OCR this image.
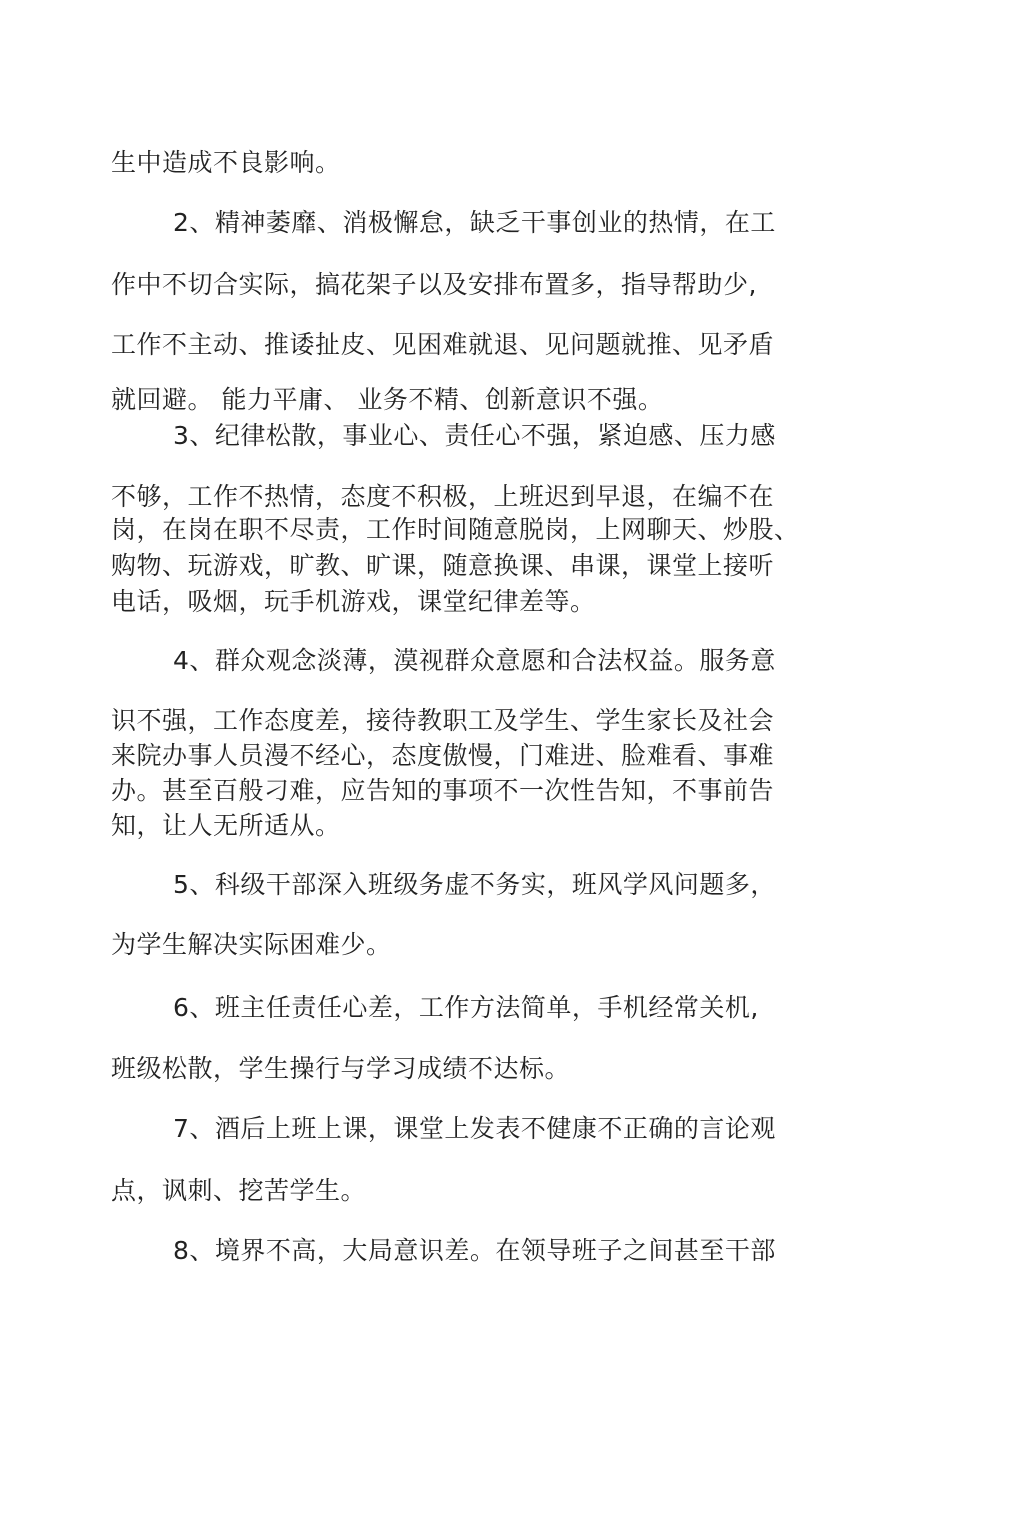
生中造成不良影响。
2、精神萎靡、消极懈怠，缺乏干事创业的热情，在工
作中不切合实际，搞花架子以及安排布置多，指导帮助少,
工作不主动、推诿扯皮、见困难就退、见问题就推、见矛盾
就回避。 能力平庸、 业务不精、创新意识不强。
3、纪律松散，事业心、责任心不强，紧迫感、压力感
不够，工作不热情，态度不积极，上班迟到早退，在编不在
岗，在岗在职不尽责，工作时间随意脱岗，上网聊天、炒股、
购物、玩游戏，旷教、旷课，随意换课、串课，课堂上接听
电话，吸烟，玩手机游戏，课堂纪律差等。
4、群众观念淡薄，漠视群众意愿和合法权益。服务意
识不强，工作态度差，接待教职工及学生、学生家长及社会
来院办事人员漫不经心，态度傲慢，门难进、脸难看、事难
办。甚至百般刁难，应告知的事项不一次性告知，不事前告
知，让人无所适从。
5、科级干部深入班级务虚不务实，班风学风问题多，
为学生解决实际困难少。
6、班主任责任心差，工作方法简单，手机经常关机,
班级松散，学生操行与学习成绩不达标。
7、酒后上班上课，课堂上发表不健康不正确的言论观
点，讽刺、挖苦学生。
8、境界不高，大局意识差。在领导班子之间甚至干部
